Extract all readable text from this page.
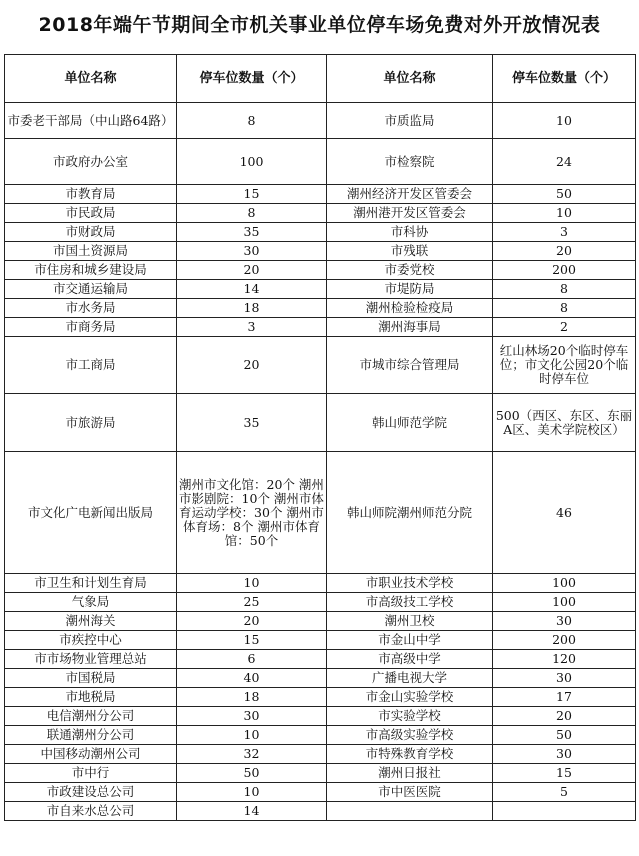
2018年端午节期间全市机关事业单位停车场免费对外开放情况表
单位名称	停车位数量（个）	单位名称	停车位数量（个）
市委老干部局（中山路64路）	8	市质监局	10
市政府办公室	100	市检察院	24
市教育局	15	潮州经济开发区管委会	50
市民政局	8	潮州港开发区管委会	10
市财政局	35	市科协	3
市国土资源局	30	市残联	20
市住房和城乡建设局	20	市委党校	200
市交通运输局	14	市堤防局	8
市水务局	18	潮州检验检疫局	8
市商务局	3	潮州海事局	2
市工商局	20	市城市综合管理局	红山林场20个临时停车位；市文化公园20个临时停车位
市旅游局	35	韩山师范学院	500（西区、东区、东丽A区、美术学院校区）
市文化广电新闻出版局	潮州市文化馆：20个 潮州市影剧院：10个 潮州市体育运动学校：30个 潮州市体育场：8个 潮州市体育馆：50个	韩山师院潮州师范分院	46
市卫生和计划生育局	10	市职业技术学校	100
气象局	25	市高级技工学校	100
潮州海关	20	潮州卫校	30
市疾控中心	15	市金山中学	200
市市场物业管理总站	6	市高级中学	120
市国税局	40	广播电视大学	30
市地税局	18	市金山实验学校	17
电信潮州分公司	30	市实验学校	20
联通潮州分公司	10	市高级实验学校	50
中国移动潮州公司	32	市特殊教育学校	30
市中行	50	潮州日报社	15
市政建设总公司	10	市中医医院	5
市自来水总公司	14		
